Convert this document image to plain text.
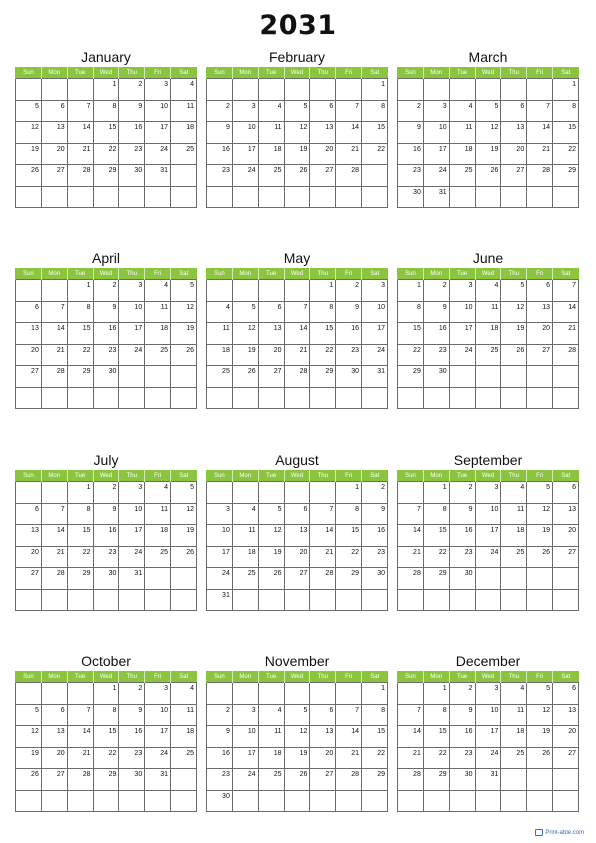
2031
January
Sun	Mon	Tue	Wed	Thu	Fri	Sat

			1	2	3	4

5	6	7	8	9	10	11

12	13	14	15	16	17	18

19	20	21	22	23	24	25

26	27	28	29	30	31	

February
Sun	Mon	Tue	Wed	Thu	Fri	Sat

						1

2	3	4	5	6	7	8

9	10	11	12	13	14	15

16	17	18	19	20	21	22

23	24	25	26	27	28	

March
Sun	Mon	Tue	Wed	Thu	Fri	Sat

						1

2	3	4	5	6	7	8

9	10	11	12	13	14	15

16	17	18	19	20	21	22

23	24	25	26	27	28	29

30	31					

April
Sun	Mon	Tue	Wed	Thu	Fri	Sat

		1	2	3	4	5

6	7	8	9	10	11	12

13	14	15	16	17	18	19

20	21	22	23	24	25	26

27	28	29	30			

May
Sun	Mon	Tue	Wed	Thu	Fri	Sat

				1	2	3

4	5	6	7	8	9	10

11	12	13	14	15	16	17

18	19	20	21	22	23	24

25	26	27	28	29	30	31

June
Sun	Mon	Tue	Wed	Thu	Fri	Sat

1	2	3	4	5	6	7

8	9	10	11	12	13	14

15	16	17	18	19	20	21

22	23	24	25	26	27	28

29	30					

July
Sun	Mon	Tue	Wed	Thu	Fri	Sat

		1	2	3	4	5

6	7	8	9	10	11	12

13	14	15	16	17	18	19

20	21	22	23	24	25	26

27	28	29	30	31		

August
Sun	Mon	Tue	Wed	Thu	Fri	Sat

					1	2

3	4	5	6	7	8	9

10	11	12	13	14	15	16

17	18	19	20	21	22	23

24	25	26	27	28	29	30

31						

September
Sun	Mon	Tue	Wed	Thu	Fri	Sat

	1	2	3	4	5	6

7	8	9	10	11	12	13

14	15	16	17	18	19	20

21	22	23	24	25	26	27

28	29	30				

October
Sun	Mon	Tue	Wed	Thu	Fri	Sat

			1	2	3	4

5	6	7	8	9	10	11

12	13	14	15	16	17	18

19	20	21	22	23	24	25

26	27	28	29	30	31	

November
Sun	Mon	Tue	Wed	Thu	Fri	Sat

						1

2	3	4	5	6	7	8

9	10	11	12	13	14	15

16	17	18	19	20	21	22

23	24	25	26	27	28	29

30						

December
Sun	Mon	Tue	Wed	Thu	Fri	Sat

	1	2	3	4	5	6

7	8	9	10	11	12	13

14	15	16	17	18	19	20

21	22	23	24	25	26	27

28	29	30	31			

Print-able.com
